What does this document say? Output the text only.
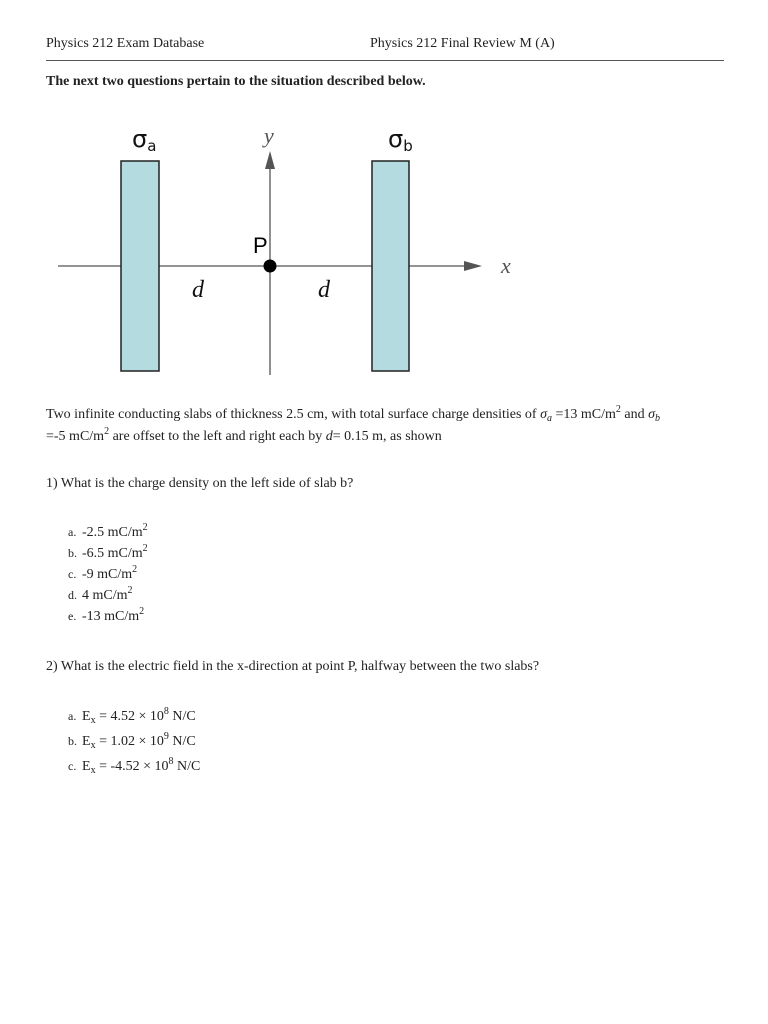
Physics 212 Exam Database	Physics 212 Final Review M (A)
The next two questions pertain to the situation described below.
P
σa	σb
y
x
d	d
Two infinite conducting slabs of thickness 2.5 cm, with total surface charge densities of $\sigma_a =13$ $mC/m^2$ and $\sigma_b$
=-5 $mC/m^2$ are offset to the left and right each by d= 0.15 m, as shown
1) What is the charge density on the left side of slab b?
a. -2.5 $mC/m^2$
b. -6.5 $mC/m^2$
c. -9 $mC/m^2$
d. 4 $mC/m^2$
e. -13 $mC/m^2$
2) What is the electric field in the x-direction at point P, halfway between the two slabs?
a. $E_x = 4.52 \times 10^8$ N/C
b. $E_x = 1.02 \times 10^9$ N/C
c. $E_x = -4.52 \times 10^8$ N/C
